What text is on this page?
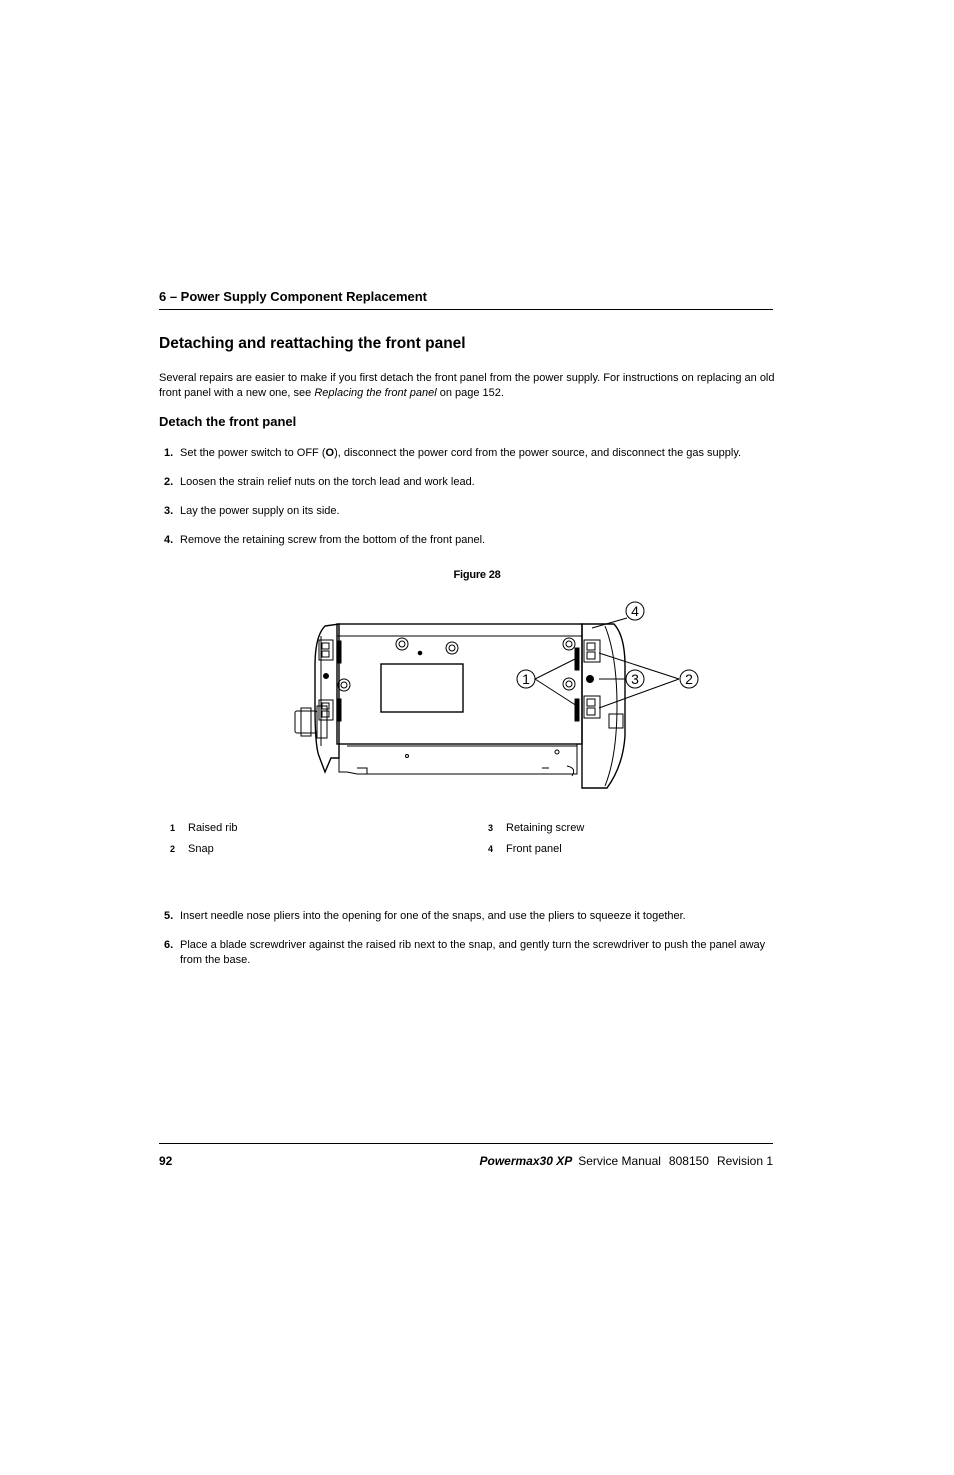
6 – Power Supply Component Replacement
Detaching and reattaching the front panel
Several repairs are easier to make if you first detach the front panel from the power supply. For instructions on replacing an old front panel with a new one, see Replacing the front panel on page 152.
Detach the front panel
1. Set the power switch to OFF (O), disconnect the power cord from the power source, and disconnect the gas supply.
2. Loosen the strain relief nuts on the torch lead and work lead.
3. Lay the power supply on its side.
4. Remove the retaining screw from the bottom of the front panel.
Figure 28
1	2
3
4
1 Raised rib
2 Snap
3 Retaining screw
4 Front panel
5. Insert needle nose pliers into the opening for one of the snaps, and use the pliers to squeeze it together.
6. Place a blade screwdriver against the raised rib next to the snap, and gently turn the screwdriver to push the panel away from the base.
92	Powermax30 XP Service Manual 808150 Revision 1
